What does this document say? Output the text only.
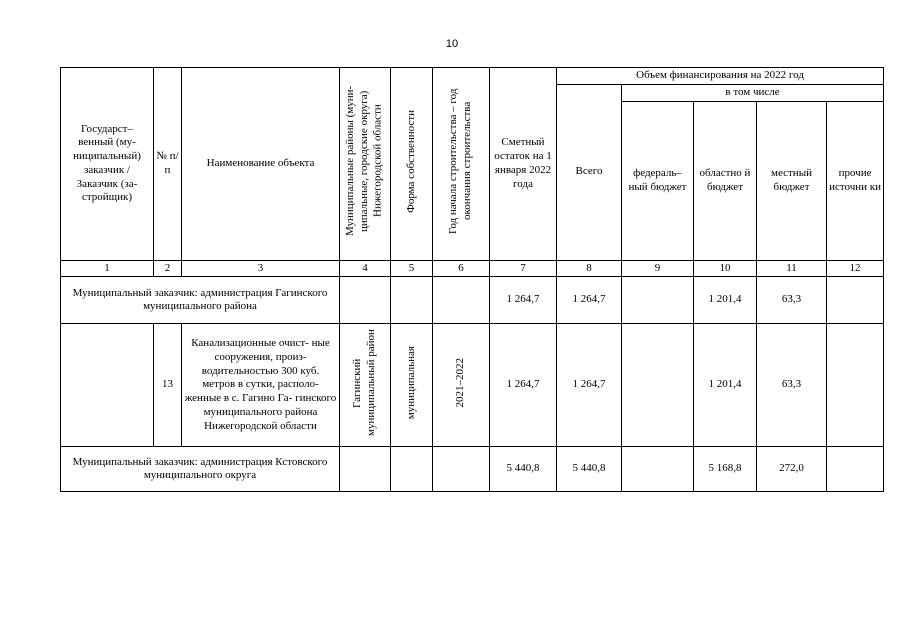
10
Государст– венный (му- ниципальный) заказчик / Заказчик (за- стройщик)	№ п/ п	Наименование объекта	Муниципальные районы (муни- ципальные, городские округа) Нижегородской области	Форма собственности	Год начала строительства – год окончания строительства	Сметный остаток на 1 января 2022 года	Объем финансирования на 2022 год				
							Всего	в том числе			
								федераль– ный бюджет	областно й бюджет	местный бюджет	прочие источни ки
1	2	3	4	5	6	7	8	9	10	11	12
Муниципальный заказчик: администрация Гагинского муниципального района						1 264,7	1 264,7		1 201,4	63,3	
	13	Канализационные очист- ные сооружения, произ- водительностью 300 куб. метров в сутки, располо- женные в с. Гагино Га- гинского муниципального района Нижегородской области	Гагинский муниципальный район	муниципальная	2021–2022	1 264,7	1 264,7		1 201,4	63,3	
Муниципальный заказчик: администрация Кстовского муниципального округа						5 440,8	5 440,8		5 168,8	272,0	
